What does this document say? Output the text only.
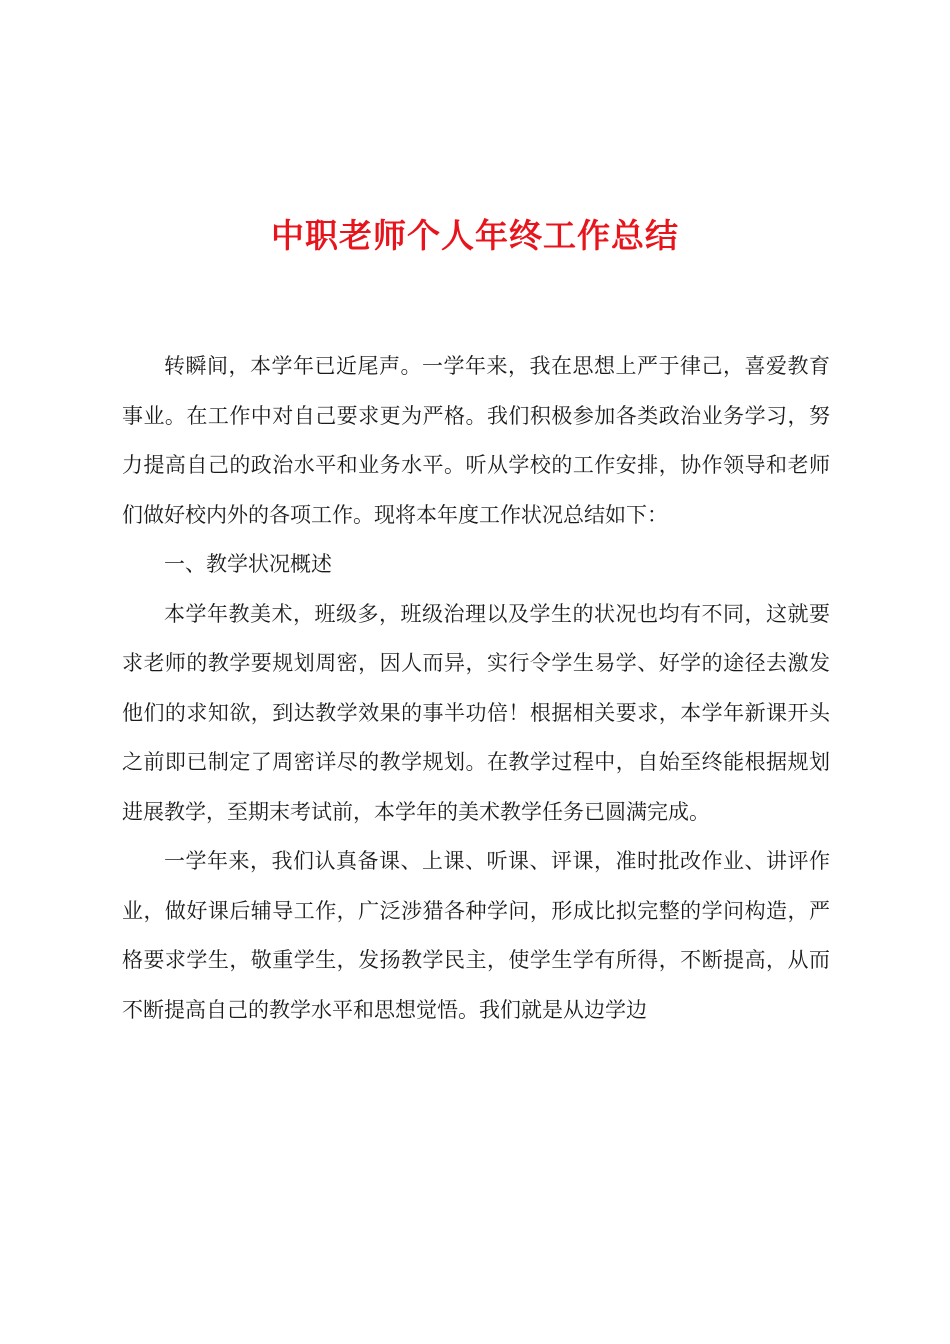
中职老师个人年终工作总结

转瞬间，本学年已近尾声。一学年来，我在思想上严于律己，喜爱教育事业。在工作中对自己要求更为严格。我们积极参加各类政治业务学习，努力提高自己的政治水平和业务水平。听从学校的工作安排，协作领导和老师们做好校内外的各项工作。现将本年度工作状况总结如下：

一、教学状况概述

本学年教美术，班级多，班级治理以及学生的状况也均有不同，这就要求老师的教学要规划周密，因人而异，实行令学生易学、好学的途径去激发他们的求知欲，到达教学效果的事半功倍！根据相关要求，本学年新课开头之前即已制定了周密详尽的教学规划。在教学过程中，自始至终能根据规划进展教学，至期末考试前，本学年的美术教学任务已圆满完成。

一学年来，我们认真备课、上课、听课、评课，准时批改作业、讲评作业，做好课后辅导工作，广泛涉猎各种学问，形成比拟完整的学问构造，严格要求学生，敬重学生，发扬教学民主，使学生学有所得，不断提高，从而不断提高自己的教学水平和思想觉悟。我们就是从边学边
